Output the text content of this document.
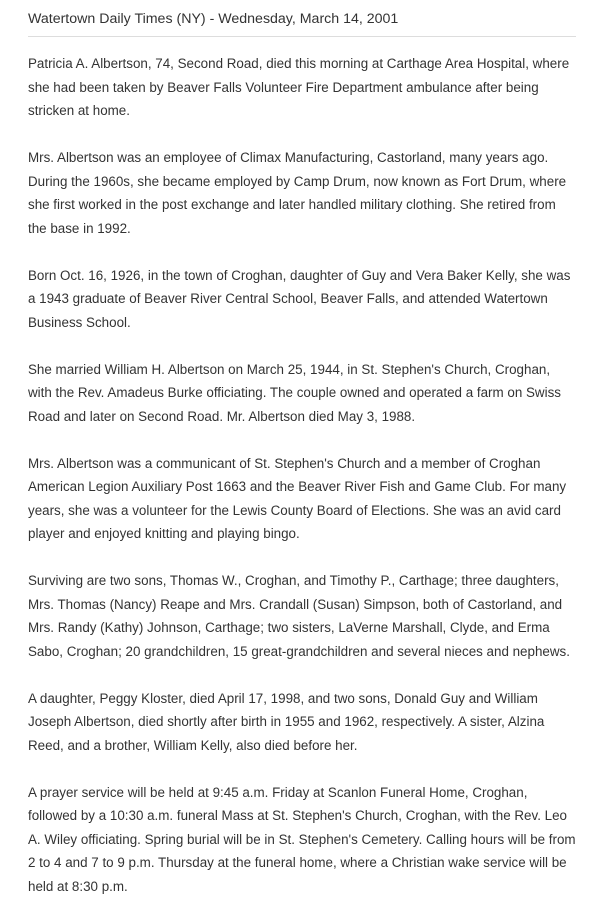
Watertown Daily Times (NY) - Wednesday, March 14, 2001

Patricia A. Albertson, 74, Second Road, died this morning at Carthage Area Hospital, where she had been taken by Beaver Falls Volunteer Fire Department ambulance after being stricken at home.

Mrs. Albertson was an employee of Climax Manufacturing, Castorland, many years ago. During the 1960s, she became employed by Camp Drum, now known as Fort Drum, where she first worked in the post exchange and later handled military clothing. She retired from the base in 1992.

Born Oct. 16, 1926, in the town of Croghan, daughter of Guy and Vera Baker Kelly, she was a 1943 graduate of Beaver River Central School, Beaver Falls, and attended Watertown Business School.

She married William H. Albertson on March 25, 1944, in St. Stephen's Church, Croghan, with the Rev. Amadeus Burke officiating. The couple owned and operated a farm on Swiss Road and later on Second Road. Mr. Albertson died May 3, 1988.

Mrs. Albertson was a communicant of St. Stephen's Church and a member of Croghan American Legion Auxiliary Post 1663 and the Beaver River Fish and Game Club. For many years, she was a volunteer for the Lewis County Board of Elections. She was an avid card player and enjoyed knitting and playing bingo.

Surviving are two sons, Thomas W., Croghan, and Timothy P., Carthage; three daughters, Mrs. Thomas (Nancy) Reape and Mrs. Crandall (Susan) Simpson, both of Castorland, and Mrs. Randy (Kathy) Johnson, Carthage; two sisters, LaVerne Marshall, Clyde, and Erma Sabo, Croghan; 20 grandchildren, 15 great-grandchildren and several nieces and nephews.

A daughter, Peggy Kloster, died April 17, 1998, and two sons, Donald Guy and William Joseph Albertson, died shortly after birth in 1955 and 1962, respectively. A sister, Alzina Reed, and a brother, William Kelly, also died before her.

A prayer service will be held at 9:45 a.m. Friday at Scanlon Funeral Home, Croghan, followed by a 10:30 a.m. funeral Mass at St. Stephen's Church, Croghan, with the Rev. Leo A. Wiley officiating. Spring burial will be in St. Stephen's Cemetery. Calling hours will be from 2 to 4 and 7 to 9 p.m. Thursday at the funeral home, where a Christian wake service will be held at 8:30 p.m.
